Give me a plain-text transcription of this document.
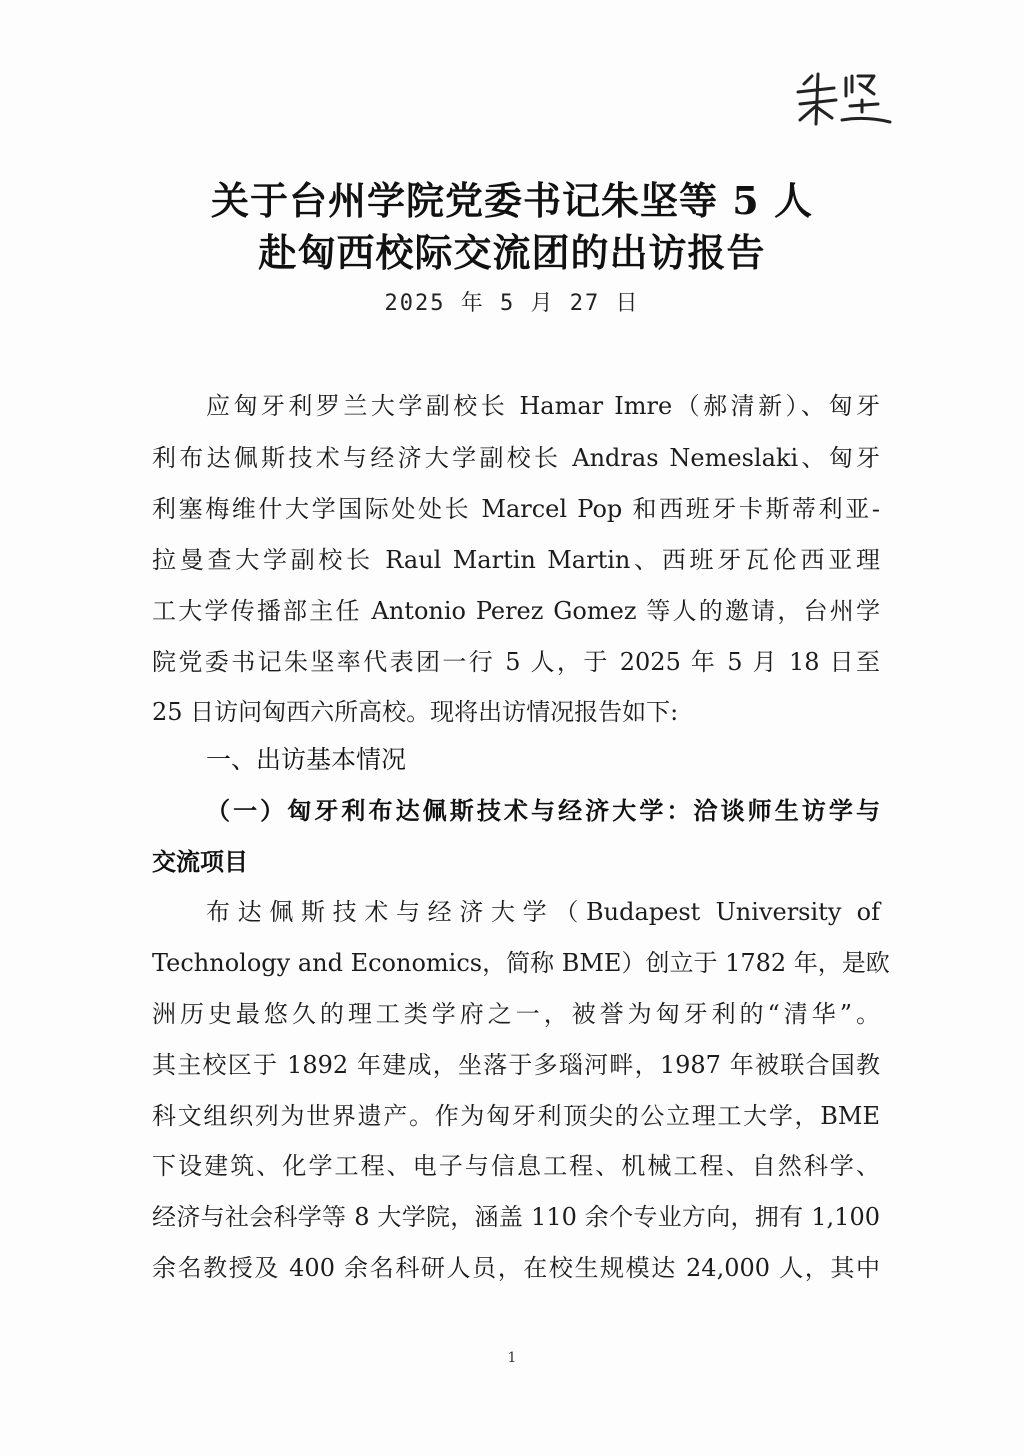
关于台州学院党委书记朱坚等 5 人
赴匈西校际交流团的出访报告
2025 年 5 月 27 日
应匈牙利罗兰大学副校长 Hamar Imre（郝清新）、匈牙
利布达佩斯技术与经济大学副校长 Andras Nemeslaki、匈牙
利塞梅维什大学国际处处长 Marcel Pop 和西班牙卡斯蒂利亚-
拉曼查大学副校长 Raul Martin Martin、西班牙瓦伦西亚理
工大学传播部主任 Antonio Perez Gomez 等人的邀请，台州学
院党委书记朱坚率代表团一行 5 人，于 2025 年 5 月 18 日至
25 日访问匈西六所高校。现将出访情况报告如下:
一、出访基本情况
（一）匈牙利布达佩斯技术与经济大学：洽谈师生访学与
交流项目
布达佩斯技术与经济大学（Budapest University of
Technology and Economics，简称 BME）创立于 1782 年，是欧
洲历史最悠久的理工类学府之一，被誉为匈牙利的“清华”。
其主校区于 1892 年建成，坐落于多瑙河畔，1987 年被联合国教
科文组织列为世界遗产。作为匈牙利顶尖的公立理工大学，BME
下设建筑、化学工程、电子与信息工程、机械工程、自然科学、
经济与社会科学等 8 大学院，涵盖 110 余个专业方向，拥有 1,100
余名教授及 400 余名科研人员，在校生规模达 24,000 人，其中
1
